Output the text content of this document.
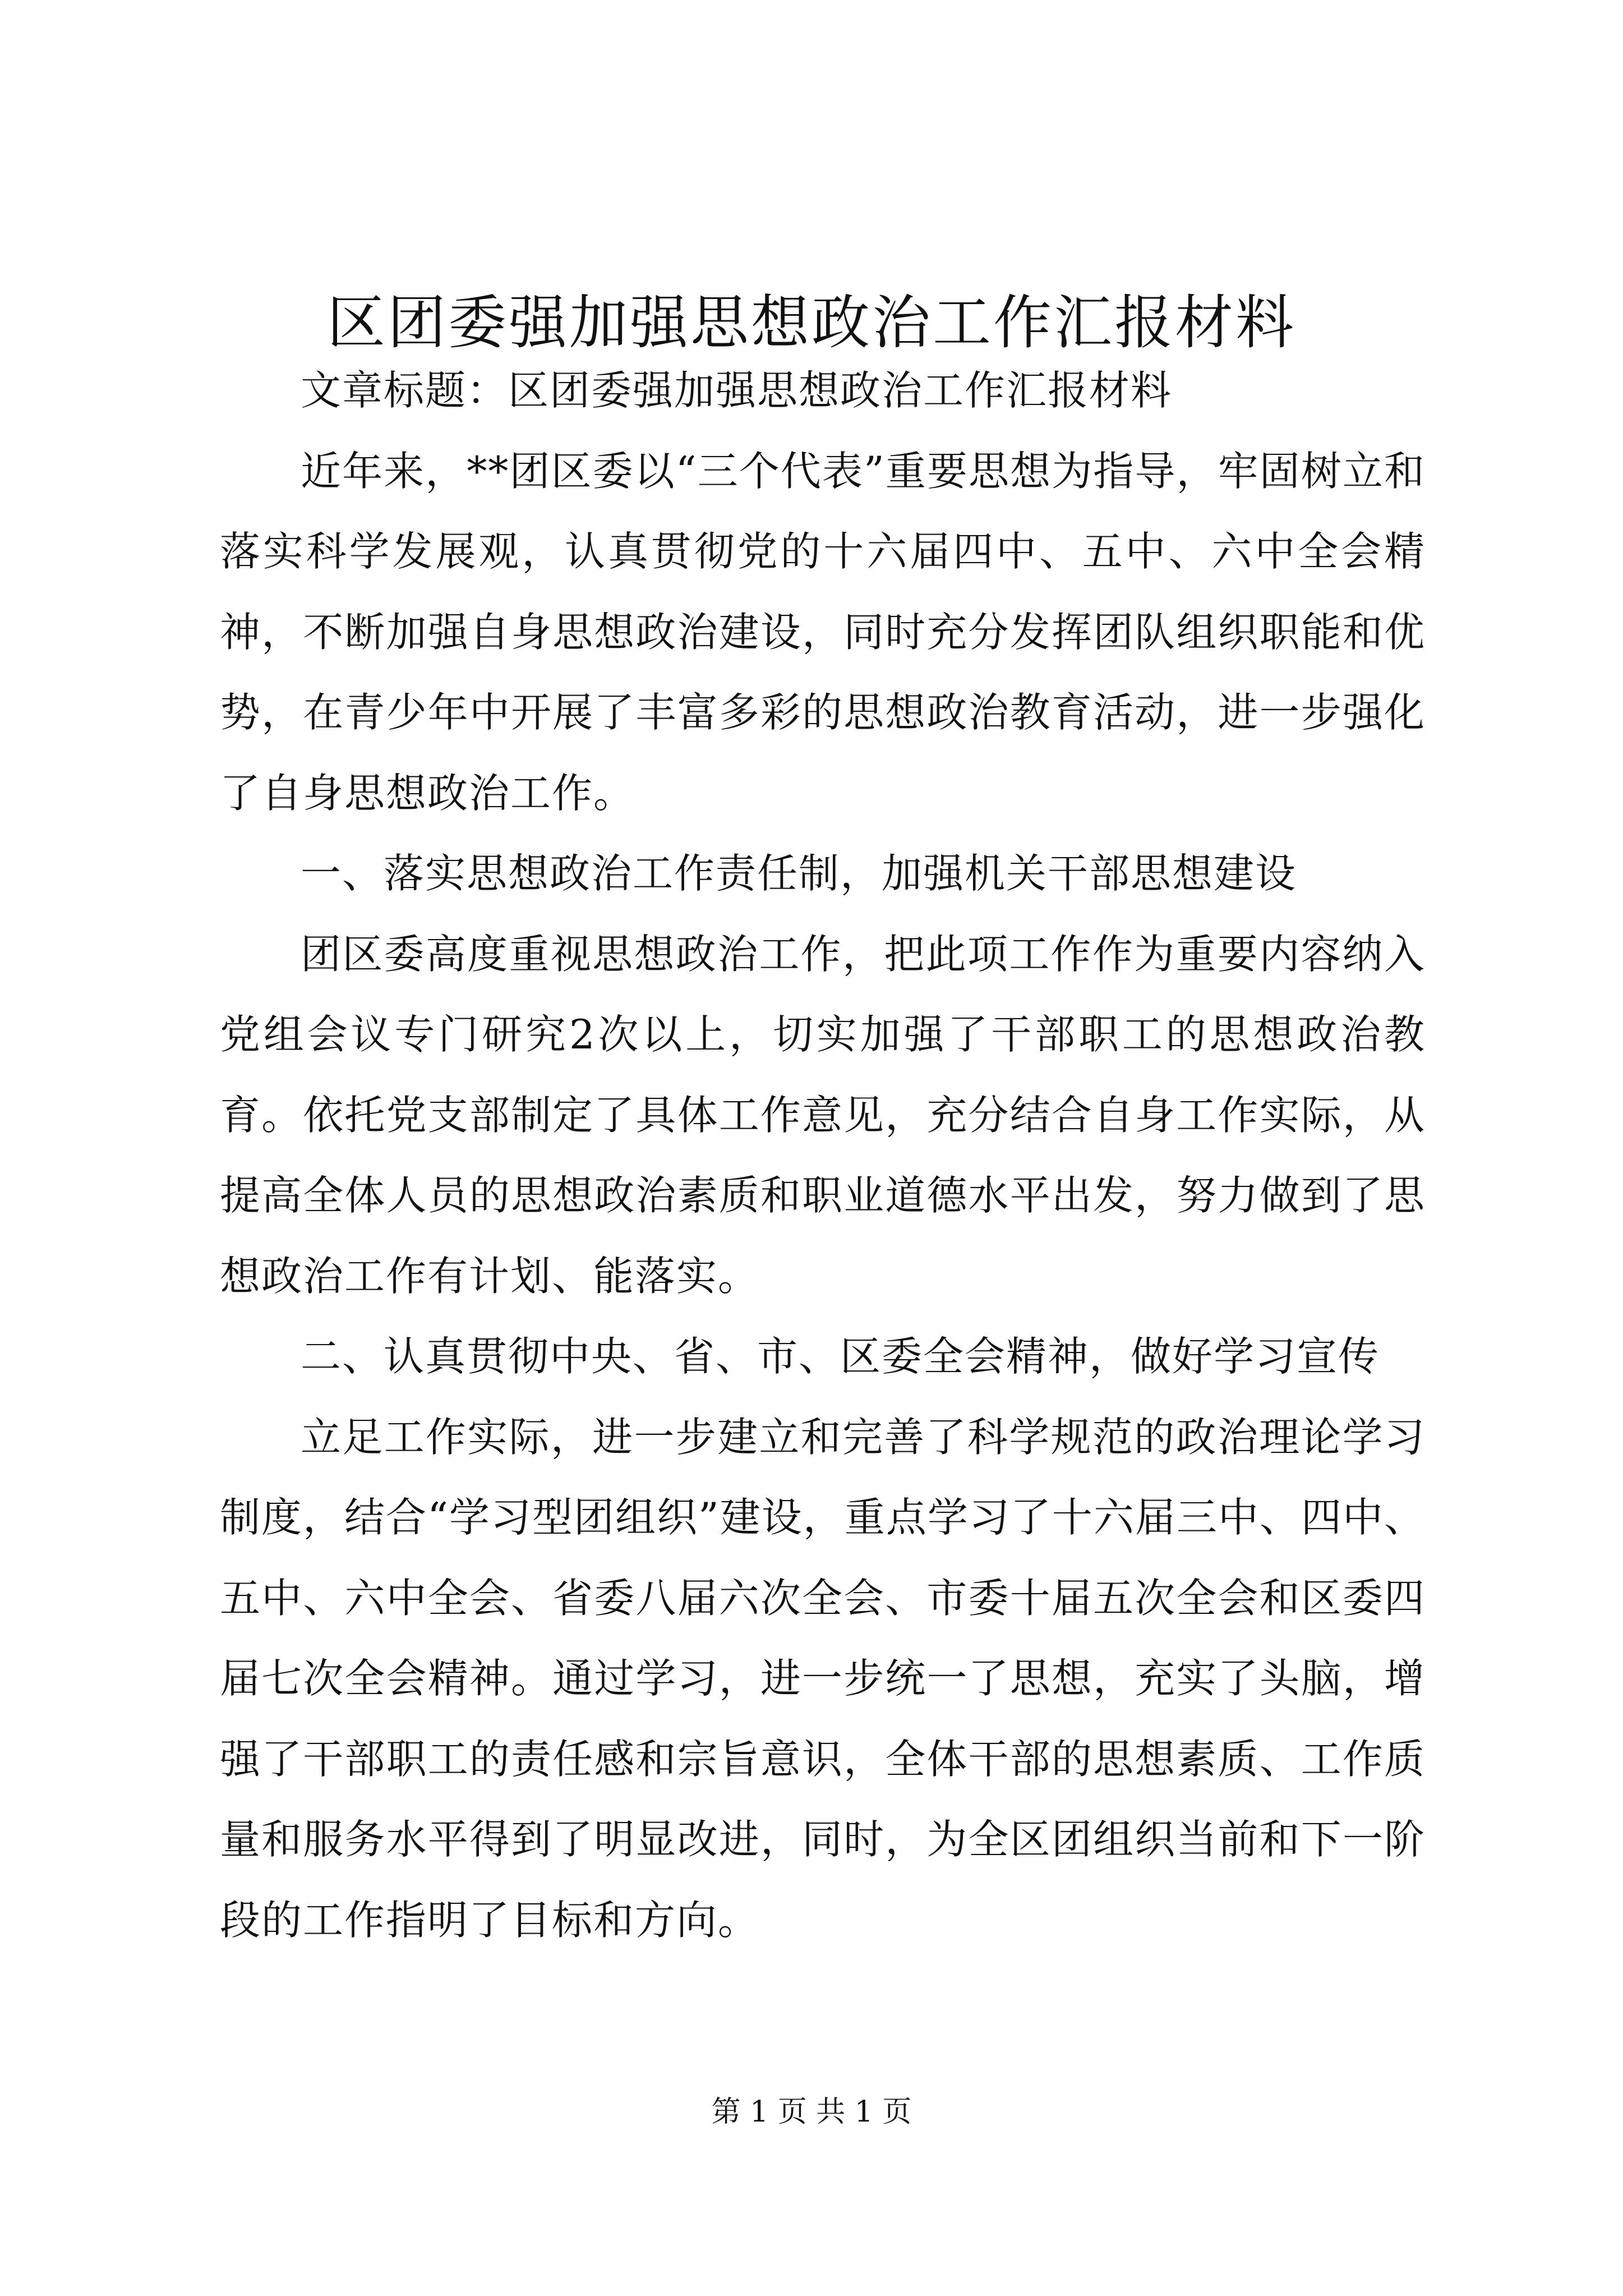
区团委强加强思想政治工作汇报材料

文章标题：区团委强加强思想政治工作汇报材料

近年来，**团区委以“三个代表”重要思想为指导，牢固树立和落实科学发展观，认真贯彻党的十六届四中、五中、六中全会精神，不断加强自身思想政治建设，同时充分发挥团队组织职能和优势，在青少年中开展了丰富多彩的思想政治教育活动，进一步强化了自身思想政治工作。

一、落实思想政治工作责任制，加强机关干部思想建设

团区委高度重视思想政治工作，把此项工作作为重要内容纳入党组会议专门研究2次以上，切实加强了干部职工的思想政治教育。依托党支部制定了具体工作意见，充分结合自身工作实际，从提高全体人员的思想政治素质和职业道德水平出发，努力做到了思想政治工作有计划、能落实。

二、认真贯彻中央、省、市、区委全会精神，做好学习宣传

立足工作实际，进一步建立和完善了科学规范的政治理论学习制度，结合“学习型团组织”建设，重点学习了十六届三中、四中、五中、六中全会、省委八届六次全会、市委十届五次全会和区委四届七次全会精神。通过学习，进一步统一了思想，充实了头脑，增强了干部职工的责任感和宗旨意识，全体干部的思想素质、工作质量和服务水平得到了明显改进，同时，为全区团组织当前和下一阶段的工作指明了目标和方向。

第 1 页 共 1 页
